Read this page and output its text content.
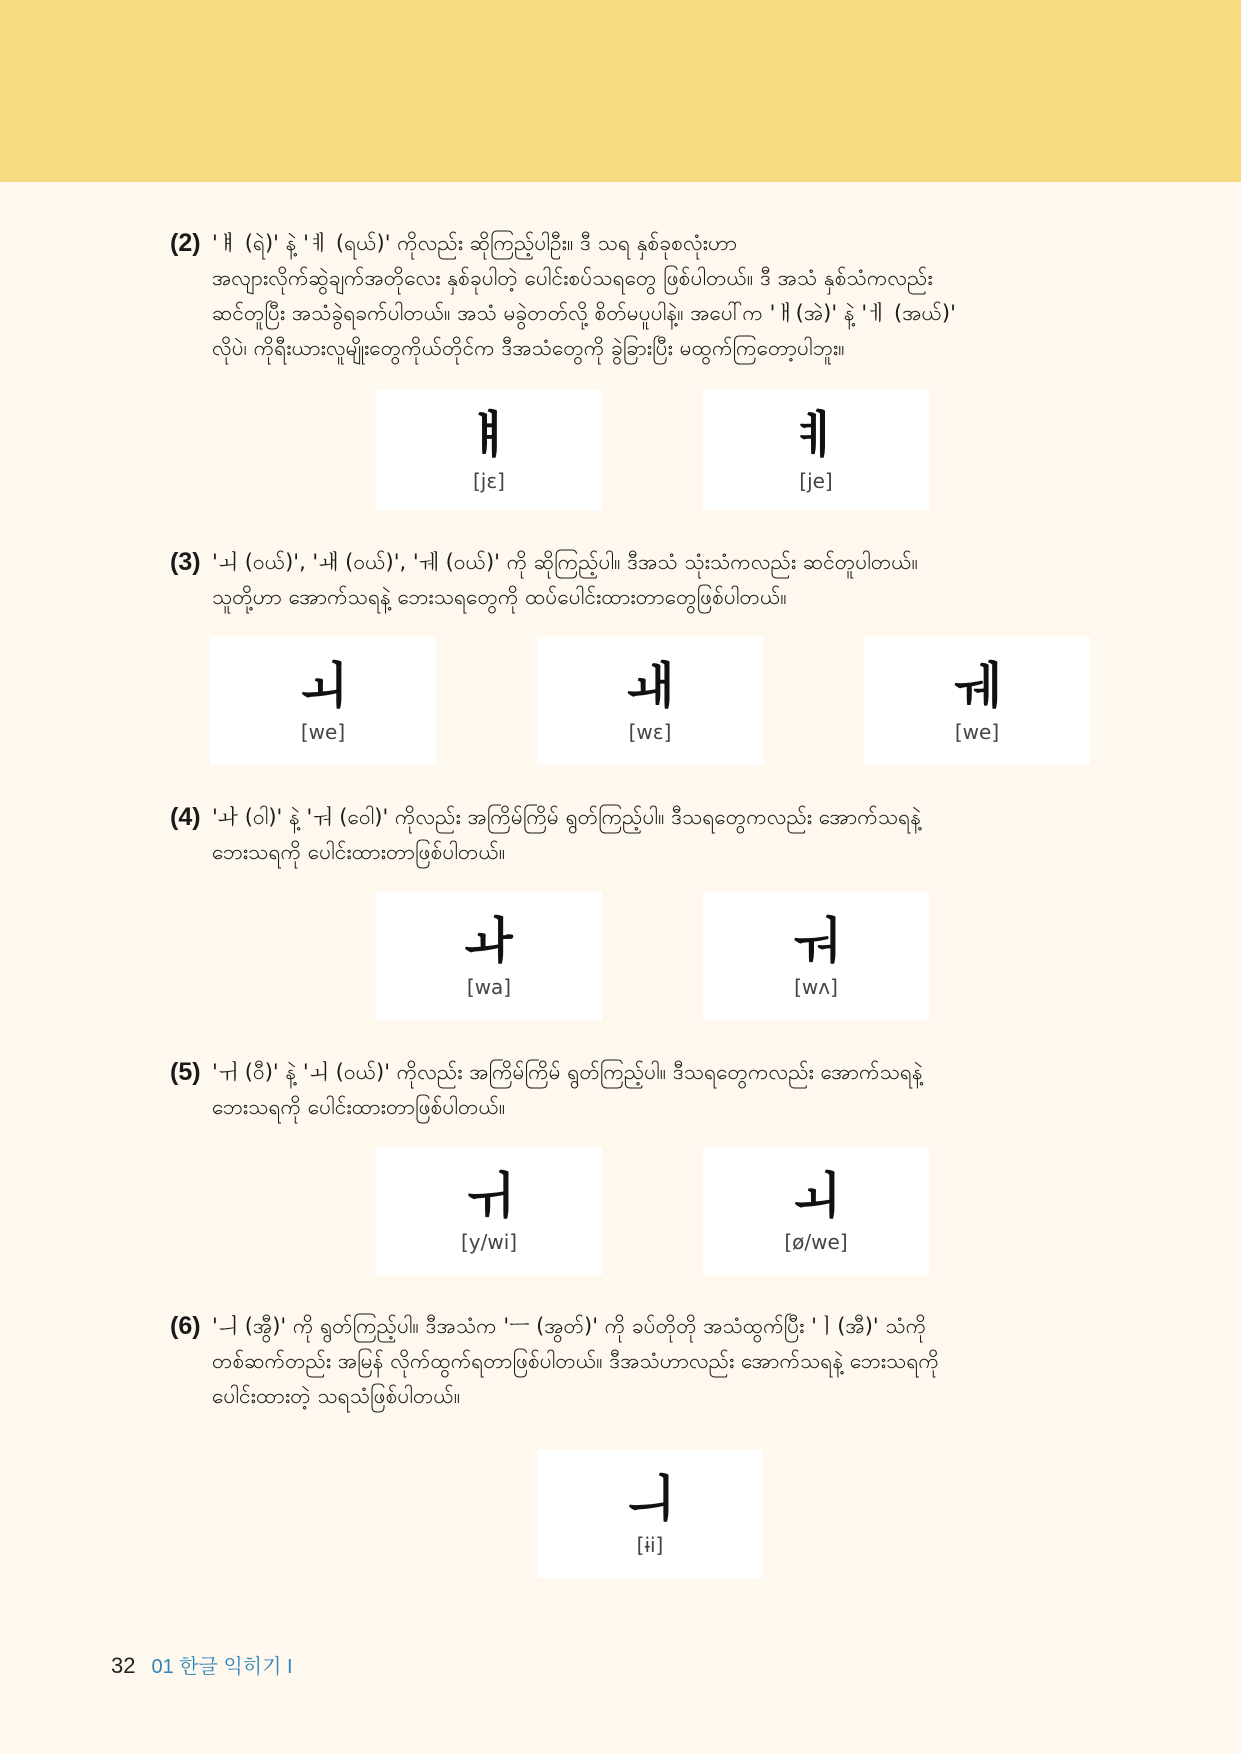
(2) 'ㅒ (ရဲ)' နဲ့ 'ㅖ (ရယ်)' ကိုလည်း ဆိုကြည့်ပါဦး။ ဒီ သရ နှစ်ခုစလုံးဟာ

အလျားလိုက်ဆွဲချက်အတိုလေး နှစ်ခုပါတဲ့ ပေါင်းစပ်သရတွေ ဖြစ်ပါတယ်။ ဒီ အသံ နှစ်သံကလည်း

ဆင်တူပြီး အသံခွဲရခက်ပါတယ်။ အသံ မခွဲတတ်လို့ စိတ်မပူပါနဲ့။ အပေါ်က 'ㅐ(အဲ)' နဲ့ 'ㅔ (အယ်)'

လိုပဲ၊ ကိုရီးယားလူမျိုးတွေကိုယ်တိုင်က ဒီအသံတွေကို ခွဲခြားပြီး မထွက်ကြတော့ပါဘူး။

ㅒ
[jɛ]
ㅖ
[je]
(3) 'ㅚ (ဝယ်)', 'ㅙ (ဝယ်)', 'ㅞ (ဝယ်)' ကို ဆိုကြည့်ပါ။ ဒီအသံ သုံးသံကလည်း ဆင်တူပါတယ်။

သူတို့ဟာ အောက်သရနဲ့ ဘေးသရတွေကို ထပ်ပေါင်းထားတာတွေဖြစ်ပါတယ်။

ㅚ
[we]
ㅙ
[wɛ]
ㅞ
[we]
(4) 'ㅘ (ဝါ)' နဲ့ 'ㅝ (ဝေါ)' ကိုလည်း အကြိမ်ကြိမ် ရွတ်ကြည့်ပါ။ ဒီသရတွေကလည်း အောက်သရနဲ့

ဘေးသရကို ပေါင်းထားတာဖြစ်ပါတယ်။

ㅘ
[wa]
ㅝ
[wʌ]
(5) 'ㅟ (ဝီ)' နဲ့ 'ㅚ (ဝယ်)' ကိုလည်း အကြိမ်ကြိမ် ရွတ်ကြည့်ပါ။ ဒီသရတွေကလည်း အောက်သရနဲ့

ဘေးသရကို ပေါင်းထားတာဖြစ်ပါတယ်။

ㅟ
[y/wi]
ㅚ
[ø/we]
(6) 'ㅢ (အွီ)' ကို ရွတ်ကြည့်ပါ။ ဒီအသံက 'ㅡ (အွတ်)' ကို ခပ်တိုတို အသံထွက်ပြီး 'ㅣ(အီ)' သံကို

တစ်ဆက်တည်း အမြန် လိုက်ထွက်ရတာဖြစ်ပါတယ်။ ဒီအသံဟာလည်း အောက်သရနဲ့ ဘေးသရကို

ပေါင်းထားတဲ့ သရသံဖြစ်ပါတယ်။

ㅢ
[ɨi]
32 01 한글 익히기 I
